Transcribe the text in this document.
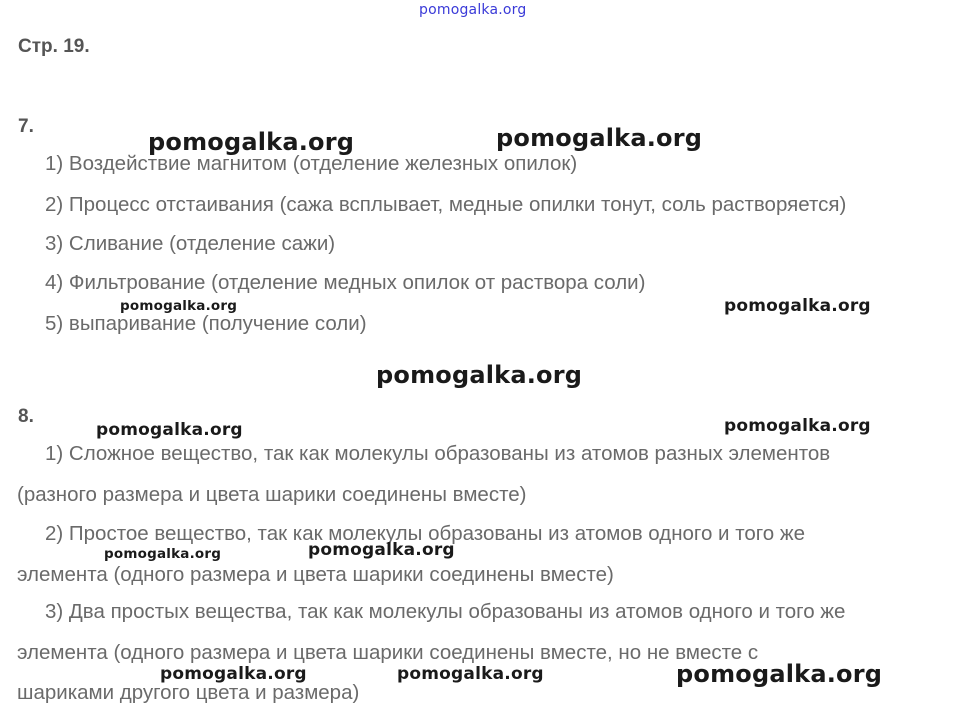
pomogalka.org
Стр. 19.
7.
1) Воздействие магнитом (отделение железных опилок)
2) Процесс отстаивания (сажа всплывает, медные опилки тонут, соль растворяется)
3) Сливание (отделение сажи)
4) Фильтрование (отделение медных опилок от раствора соли)
5) выпаривание (получение соли)
8.
1) Сложное вещество, так как молекулы образованы из атомов разных элементов
(разного размера и цвета шарики соединены вместе)
2) Простое вещество, так как молекулы образованы из атомов одного и того же
элемента (одного размера и цвета шарики соединены вместе)
3) Два простых вещества, так как молекулы образованы из атомов одного и того же
элемента (одного размера и цвета шарики соединены вместе, но не вместе с
шариками другого цвета и размера)
pomogalka.org	pomogalka.org
pomogalka.org	pomogalka.org
pomogalka.org
pomogalka.org	pomogalka.org
pomogalka.org	pomogalka.org
pomogalka.org	pomogalka.org	pomogalka.org
